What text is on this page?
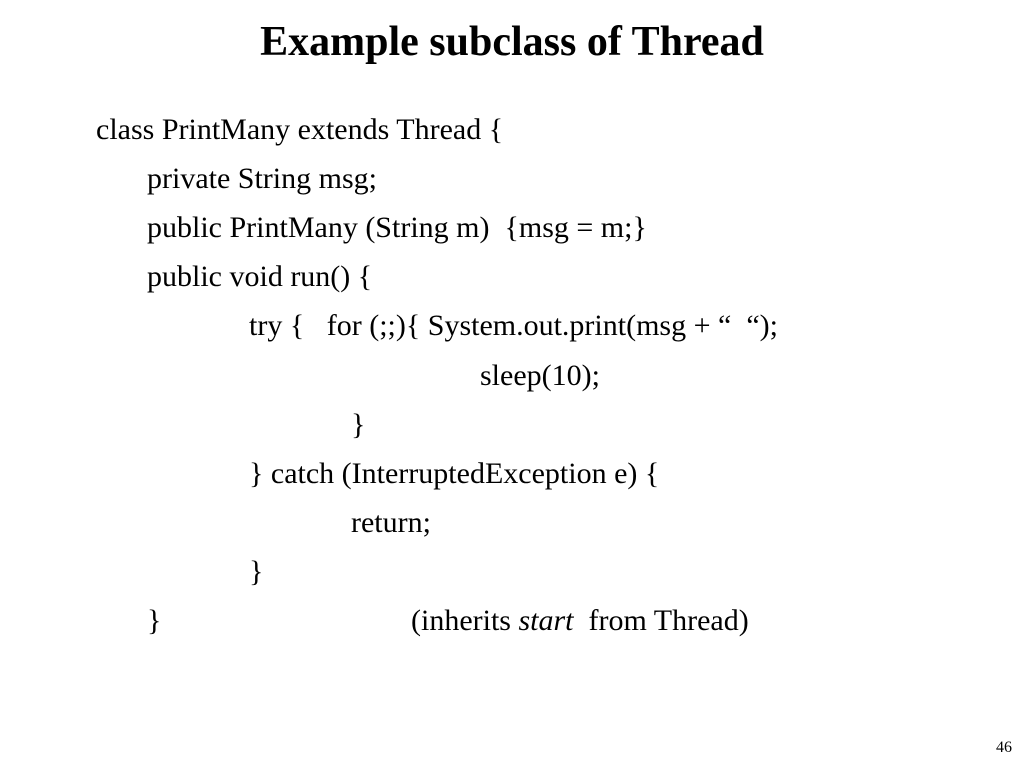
Example subclass of Thread
class PrintMany extends Thread {
private String msg;
public PrintMany (String m)  {msg = m;}
public void run() {
try {   for (;;){ System.out.print(msg + “  “);
sleep(10);
}
} catch (InterruptedException e) {
return;
}
}	(inherits start  from Thread)
46
